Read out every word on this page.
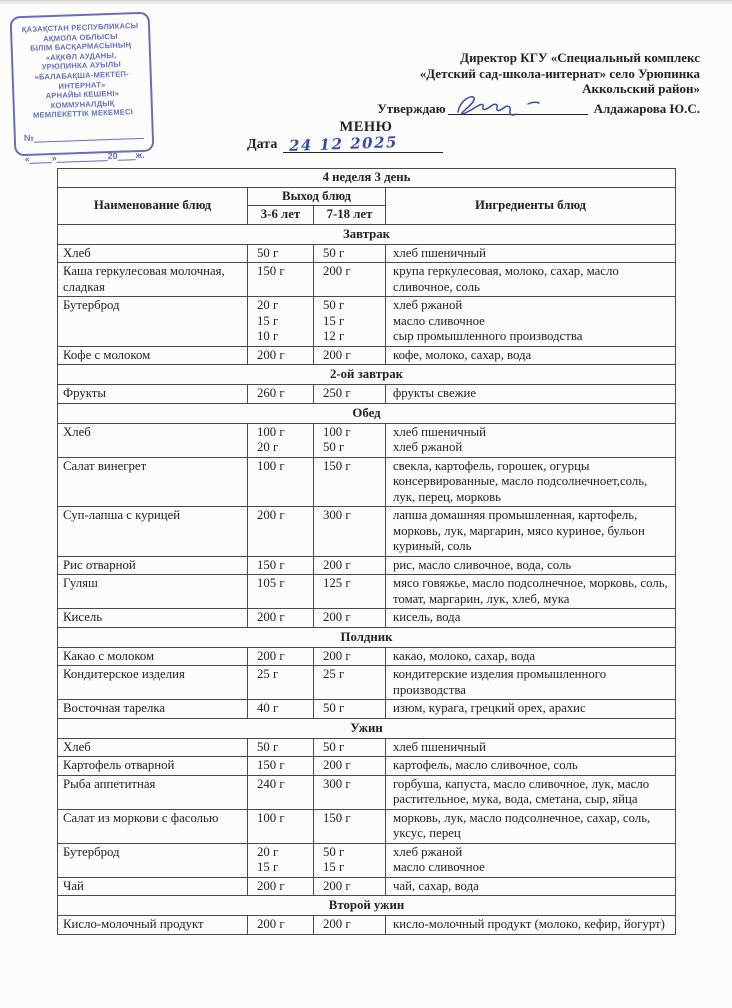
ҚАЗАҚСТАН РЕСПУБЛИКАСЫ
АҚМОЛА ОБЛЫСЫ
БІЛІМ БАСҚАРМАСЫНЫҢ
«АҚКӨЛ АУДАНЫ,
УРЮПИНКА АУЫЛЫ
«БАЛАБАҚША-МЕКТЕП-ИНТЕРНАТ»
АРНАЙЫ КЕШЕНІ»
КОММУНАЛДЫҚ
МЕМЛЕКЕТТІК МЕКЕМЕСІ
№
« »	20 ж.
Директор КГУ «Специальный комплекс
«Детский сад-школа-интернат» село Урюпинка
Аккольский район»
Утверждаю	Алдажарова Ю.С.
МЕНЮ
Дата 24 12 2025
4 неделя 3 день			
Наименование блюд	Выход блюд		Ингредиенты блюд
	3-6 лет	7-18 лет	
Завтрак			

Хлеб	50 г	50 г	хлеб пшеничный

Каша геркулесовая молочная, сладкая	150 г	200 г	крупа геркулесовая, молоко, сахар, масло сливочное, соль

Бутерброд	20 г
15 г
10 г

50 г
15 г
12 г

хлеб ржаной
масло сливочное
сыр промышленного производства

Кофе с молоком	200 г	200 г	кофе, молоко, сахар, вода

2-ой завтрак			

Фрукты	260 г	250 г	фрукты свежие

Обед			

Хлеб	100 г
20 г

100 г
50 г

хлеб пшеничный
хлеб ржаной

Салат винегрет	100 г	150 г	свекла, картофель, горошек, огурцы консервированные, масло подсолнечноет,соль, лук, перец, морковь

Суп-лапша с курицей	200 г	300 г	лапша домашняя промышленная, картофель, морковь, лук, маргарин, мясо куриное, бульон куриный, соль

Рис отварной	150 г	200 г	рис, масло сливочное, вода, соль

Гуляш	105 г	125 г	мясо говяжье, масло подсолнечное, морковь, соль, томат, маргарин, лук, хлеб, мука

Кисель	200 г	200 г	кисель, вода

Полдник			

Какао с молоком	200 г	200 г	какао, молоко, сахар, вода

Кондитерское изделия	25 г	25 г	кондитерские изделия промышленного производства

Восточная тарелка	40 г	50 г	изюм, курага, грецкий орех, арахис

Ужин			

Хлеб	50 г	50 г	хлеб пшеничный

Картофель отварной	150 г	200 г	картофель, масло сливочное, соль

Рыба аппетитная	240 г	300 г	горбуша, капуста, масло сливочное, лук, масло растительное, мука, вода, сметана, сыр, яйца

Салат из моркови с фасолью	100 г	150 г	морковь, лук, масло подсолнечное, сахар, соль, уксус, перец

Бутерброд	20 г
15 г

50 г
15 г

хлеб ржаной
масло сливочное

Чай	200 г	200 г	чай, сахар, вода

Второй ужин			

Кисло-молочный продукт	200 г	200 г	кисло-молочный продукт (молоко, кефир, йогурт)
